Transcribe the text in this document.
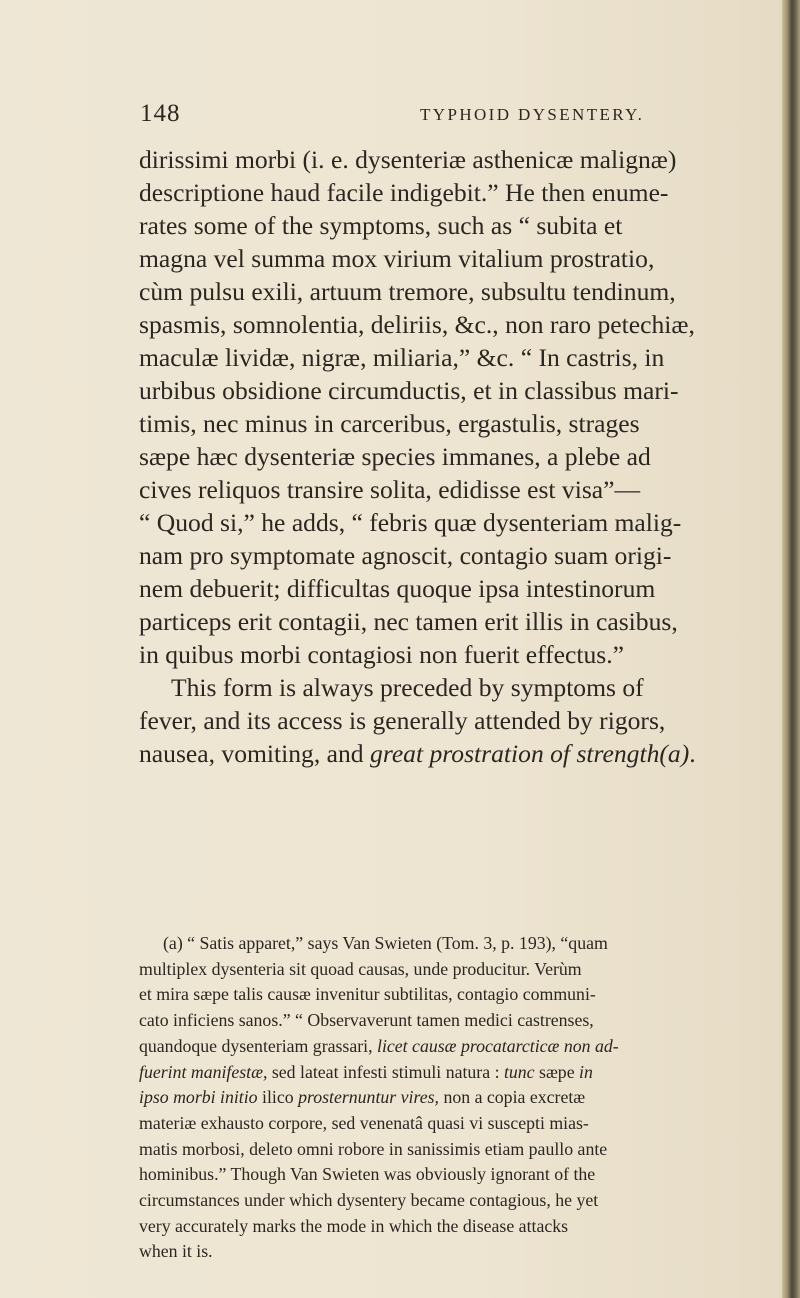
148	TYPHOID DYSENTERY.
dirissimi morbi (i. e. dysenteriæ asthenicæ malignæ)
descriptione haud facile indigebit.” He then enume-
rates some of the symptoms, such as “ subita et
magna vel summa mox virium vitalium prostratio,
cùm pulsu exili, artuum tremore, subsultu tendinum,
spasmis, somnolentia, deliriis, &c., non raro petechiæ,
maculæ lividæ, nigræ, miliaria,” &c. “ In castris, in
urbibus obsidione circumductis, et in classibus mari-
timis, nec minus in carceribus, ergastulis, strages
sæpe hæc dysenteriæ species immanes, a plebe ad
cives reliquos transire solita, edidisse est visa”—
“ Quod si,” he adds, “ febris quæ dysenteriam malig-
nam pro symptomate agnoscit, contagio suam origi-
nem debuerit; difficultas quoque ipsa intestinorum
particeps erit contagii, nec tamen erit illis in casibus,
in quibus morbi contagiosi non fuerit effectus.”
This form is always preceded by symptoms of
fever, and its access is generally attended by rigors,
nausea, vomiting, and great prostration of strength(a).
(a) “ Satis apparet,” says Van Swieten (Tom. 3, p. 193), “quam
multiplex dysenteria sit quoad causas, unde producitur. Verùm
et mira sæpe talis causæ invenitur subtilitas, contagio communi-
cato inficiens sanos.” “ Observaverunt tamen medici castrenses,
quandoque dysenteriam grassari, licet causæ procatarcticæ non ad-
fuerint manifestæ, sed lateat infesti stimuli natura : tunc sæpe in
ipso morbi initio ilico prosternuntur vires, non a copia excretæ
materiæ exhausto corpore, sed venenatâ quasi vi suscepti mias-
matis morbosi, deleto omni robore in sanissimis etiam paullo ante
hominibus.” Though Van Swieten was obviously ignorant of the
circumstances under which dysentery became contagious, he yet
very accurately marks the mode in which the disease attacks
when it is.
